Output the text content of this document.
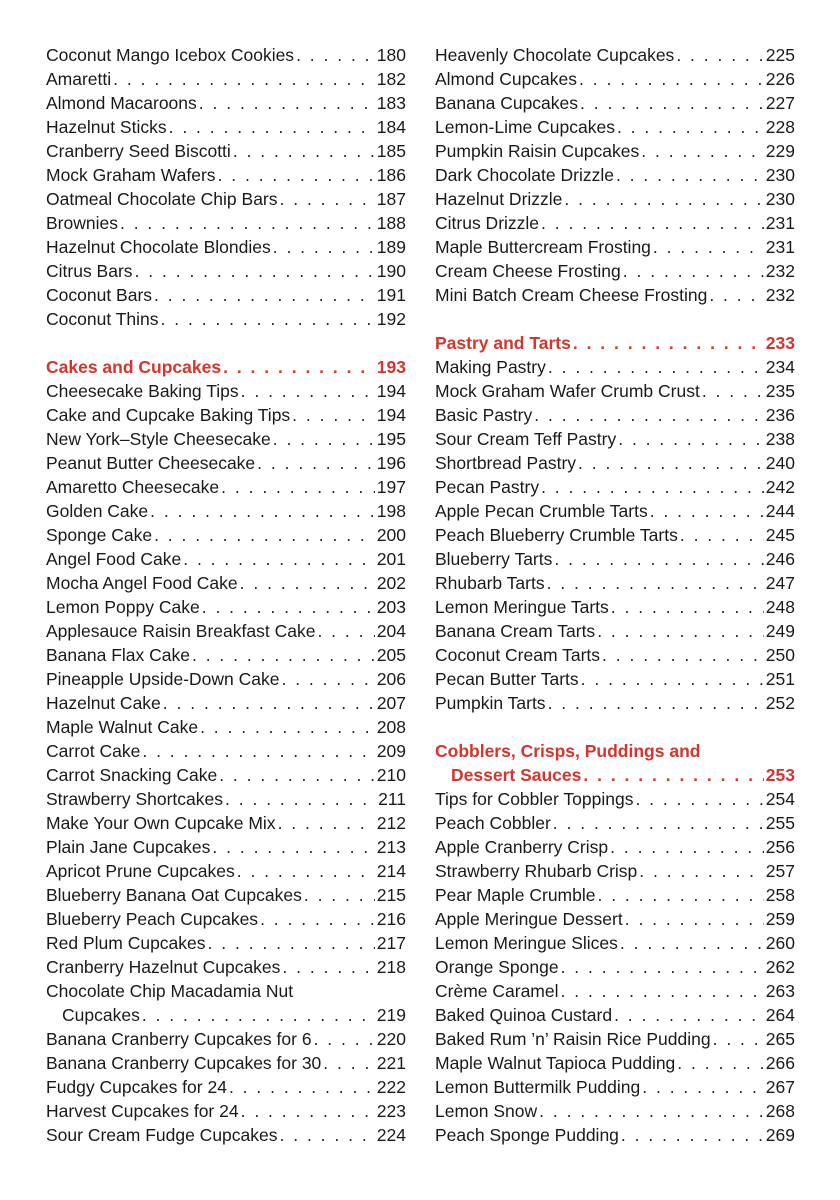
Coconut Mango Icebox Cookies . . .	180
Amaretti . . .	182
Almond Macaroons . . .	183
Hazelnut Sticks . . .	184
Cranberry Seed Biscotti . . .	185
Mock Graham Wafers . . .	186
Oatmeal Chocolate Chip Bars . . .	187
Brownies . . .	188
Hazelnut Chocolate Blondies . . .	189
Citrus Bars . . .	190
Coconut Bars . . .	191
Coconut Thins . . .	192
Cakes and Cupcakes . . .	193
Cheesecake Baking Tips . . .	194
Cake and Cupcake Baking Tips . . .	194
New York–Style Cheesecake . . .	195
Peanut Butter Cheesecake . . .	196
Amaretto Cheesecake . . .	197
Golden Cake . . .	198
Sponge Cake . . .	200
Angel Food Cake . . .	201
Mocha Angel Food Cake . . .	202
Lemon Poppy Cake . . .	203
Applesauce Raisin Breakfast Cake . . .	204
Banana Flax Cake . . .	205
Pineapple Upside-Down Cake . . .	206
Hazelnut Cake . . .	207
Maple Walnut Cake . . .	208
Carrot Cake . . .	209
Carrot Snacking Cake . . .	210
Strawberry Shortcakes . . .	211
Make Your Own Cupcake Mix . . .	212
Plain Jane Cupcakes . . .	213
Apricot Prune Cupcakes . . .	214
Blueberry Banana Oat Cupcakes . . .	215
Blueberry Peach Cupcakes . . .	216
Red Plum Cupcakes . . .	217
Cranberry Hazelnut Cupcakes . . .	218
Chocolate Chip Macadamia Nut
Cupcakes . . .	219
Banana Cranberry Cupcakes for 6 . . .	220
Banana Cranberry Cupcakes for 30 . . .	221
Fudgy Cupcakes for 24 . . .	222
Harvest Cupcakes for 24 . . .	223
Sour Cream Fudge Cupcakes . . .	224
Heavenly Chocolate Cupcakes . . .	225
Almond Cupcakes . . .	226
Banana Cupcakes . . .	227
Lemon-Lime Cupcakes . . .	228
Pumpkin Raisin Cupcakes . . .	229
Dark Chocolate Drizzle . . .	230
Hazelnut Drizzle . . .	230
Citrus Drizzle . . .	231
Maple Buttercream Frosting . . .	231
Cream Cheese Frosting . . .	232
Mini Batch Cream Cheese Frosting . . .	232
Pastry and Tarts . . .	233
Making Pastry . . .	234
Mock Graham Wafer Crumb Crust . . .	235
Basic Pastry . . .	236
Sour Cream Teff Pastry . . .	238
Shortbread Pastry . . .	240
Pecan Pastry . . .	242
Apple Pecan Crumble Tarts . . .	244
Peach Blueberry Crumble Tarts . . .	245
Blueberry Tarts . . .	246
Rhubarb Tarts . . .	247
Lemon Meringue Tarts . . .	248
Banana Cream Tarts . . .	249
Coconut Cream Tarts . . .	250
Pecan Butter Tarts . . .	251
Pumpkin Tarts . . .	252
Cobblers, Crisps, Puddings and
Dessert Sauces . . .	253
Tips for Cobbler Toppings . . .	254
Peach Cobbler . . .	255
Apple Cranberry Crisp . . .	256
Strawberry Rhubarb Crisp . . .	257
Pear Maple Crumble . . .	258
Apple Meringue Dessert . . .	259
Lemon Meringue Slices . . .	260
Orange Sponge . . .	262
Crème Caramel . . .	263
Baked Quinoa Custard . . .	264
Baked Rum ’n’ Raisin Rice Pudding . . .	265
Maple Walnut Tapioca Pudding . . .	266
Lemon Buttermilk Pudding . . .	267
Lemon Snow . . .	268
Peach Sponge Pudding . . .	269
